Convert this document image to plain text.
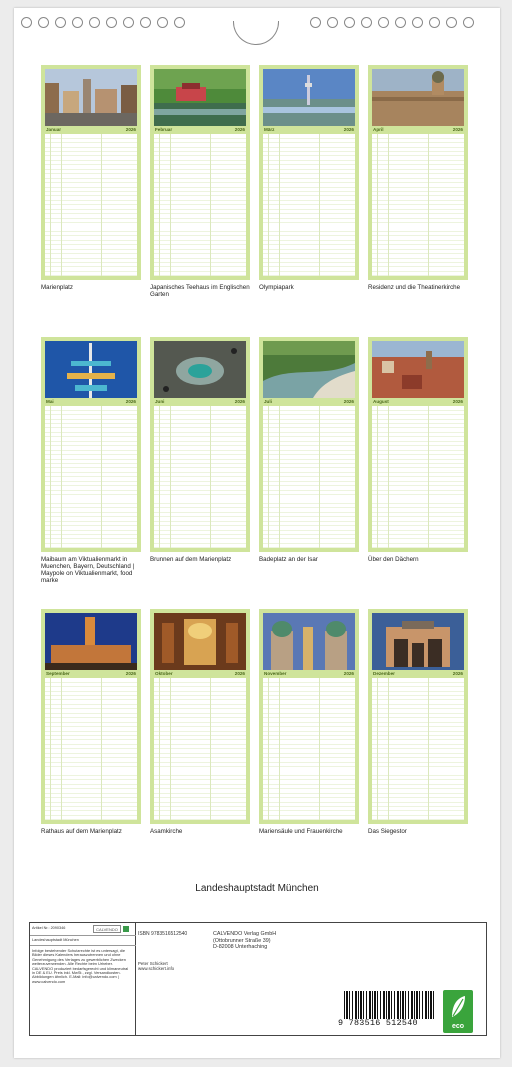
Januar	2026
Marienplatz
Februar	2026
Japanisches Teehaus im Englischen Garten
März	2026
Olympiapark
April	2026
Residenz und die Theatinerkirche
Mai	2026
Maibaum am Viktualienmarkt in Muenchen, Bayern, Deutschland | Maypole on Viktualienmarkt, food marke
Juni	2026
Brunnen auf dem Marienplatz
Juli	2026
Badeplatz an der Isar
August	2026
Über den Dächern
September	2026
Rathaus auf dem Marienplatz
Oktober	2026
Asamkirche
November	2026
Mariensäule und Frauenkirche
Dezember	2026
Das Siegestor
Landeshauptstadt München
Artikel Nr.: 2090346	CALVENDO
Landeshauptstadt München
Infolge bestehender Schutzrechte ist es untersagt, die Bilder dieses Kalenders herauszutrennen und ohne Genehmigung des Verlages zu gewerblichen Zwecken weiterzuverwenden. Alle Rechte beim Urheber. CALVENDO produziert bedarfsgerecht und klimaneutral in DE & EU. Preis inkl. MwSt., zzgl. Versandkosten. Abbildungen ähnlich. E-Mail: info@calvendo.com | www.calvendo.com
ISBN 9783516512540
Peter Schickert
www.schickert.info
CALVENDO Verlag GmbH
(Ottobrunner Straße 39)
D-82008 Unterhaching
9 783516 512540	eco
